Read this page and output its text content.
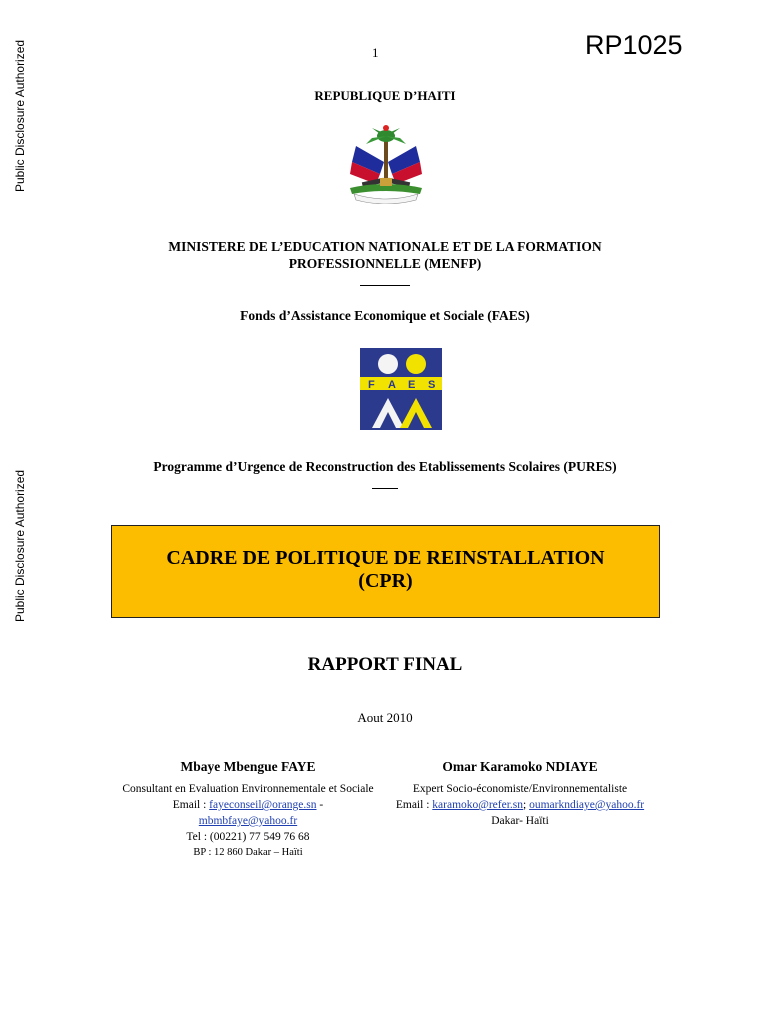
Public Disclosure Authorized
Public Disclosure Authorized
1	RP1025
REPUBLIQUE D’HAITI
MINISTERE DE L’EDUCATION NATIONALE ET DE LA FORMATION
PROFESSIONNELLE (MENFP)
Fonds d’Assistance Economique et Sociale (FAES)
F A E S
Programme d’Urgence de Reconstruction des Etablissements Scolaires (PURES)
CADRE DE POLITIQUE DE REINSTALLATION
(CPR)
RAPPORT FINAL
Aout 2010
Mbaye Mbengue FAYE
Consultant en Evaluation Environnementale et Sociale
Email : fayeconseil@orange.sn -
mbmbfaye@yahoo.fr
Tel : (00221) 77 549 76 68
BP : 12 860 Dakar – Haïti
Omar Karamoko NDIAYE
Expert Socio-économiste/Environnementaliste
Email : karamoko@refer.sn; oumarkndiaye@yahoo.fr
Dakar- Haïti
